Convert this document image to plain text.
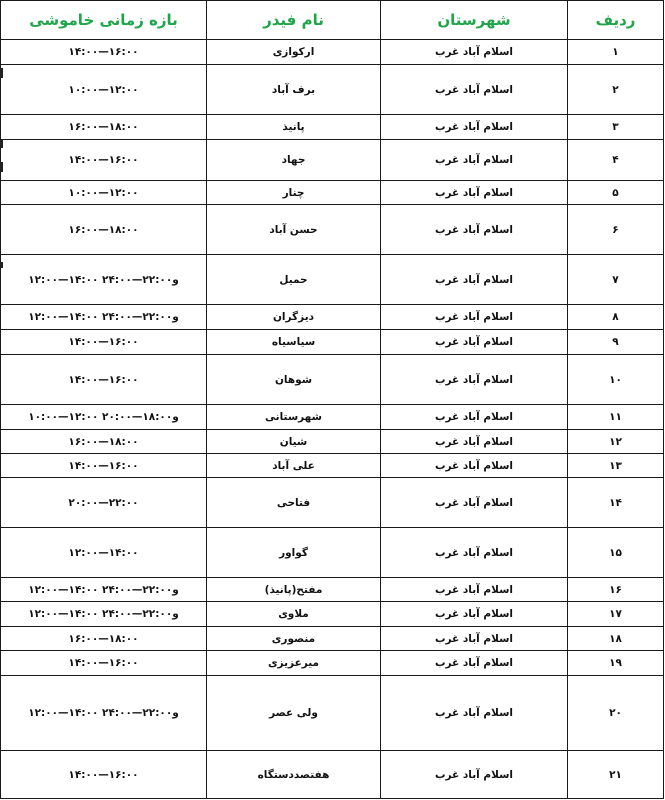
ردیف	شهرستان	نام فیدر	بازه زمانی خاموشی
۱	اسلام آباد غرب	ارکوازی	۱۴:۰۰—۱۶:۰۰
۲	اسلام آباد غرب	برف آباد	۱۰:۰۰—۱۲:۰۰
۳	اسلام آباد غرب	پانیذ	۱۶:۰۰—۱۸:۰۰
۴	اسلام آباد غرب	جهاد	۱۴:۰۰—۱۶:۰۰
۵	اسلام آباد غرب	چنار	۱۰:۰۰—۱۲:۰۰
۶	اسلام آباد غرب	حسن آباد	۱۶:۰۰—۱۸:۰۰
۷	اسلام آباد غرب	حمیل	۱۲:۰۰—۱۴:۰۰ و۲۲:۰۰—۲۴:۰۰
۸	اسلام آباد غرب	دیزگران	۱۲:۰۰—۱۴:۰۰ و۲۲:۰۰—۲۴:۰۰
۹	اسلام آباد غرب	سیاسیاه	۱۴:۰۰—۱۶:۰۰
۱۰	اسلام آباد غرب	شوهان	۱۴:۰۰—۱۶:۰۰
۱۱	اسلام آباد غرب	شهرستانی	۱۰:۰۰—۱۲:۰۰ و۱۸:۰۰—۲۰:۰۰
۱۲	اسلام آباد غرب	شیان	۱۶:۰۰—۱۸:۰۰
۱۳	اسلام آباد غرب	علی آباد	۱۴:۰۰—۱۶:۰۰
۱۴	اسلام آباد غرب	فتاحی	۲۰:۰۰—۲۲:۰۰
۱۵	اسلام آباد غرب	گواور	۱۲:۰۰—۱۴:۰۰
۱۶	اسلام آباد غرب	مفتح(پانیذ)	۱۲:۰۰—۱۴:۰۰ و۲۲:۰۰—۲۴:۰۰
۱۷	اسلام آباد غرب	ملاوی	۱۲:۰۰—۱۴:۰۰ و۲۲:۰۰—۲۴:۰۰
۱۸	اسلام آباد غرب	منصوری	۱۶:۰۰—۱۸:۰۰
۱۹	اسلام آباد غرب	میرعزیزی	۱۴:۰۰—۱۶:۰۰
۲۰	اسلام آباد غرب	ولی عصر	۱۲:۰۰—۱۴:۰۰ و۲۲:۰۰—۲۴:۰۰
۲۱	اسلام آباد غرب	هفتصددستگاه	۱۴:۰۰—۱۶:۰۰
